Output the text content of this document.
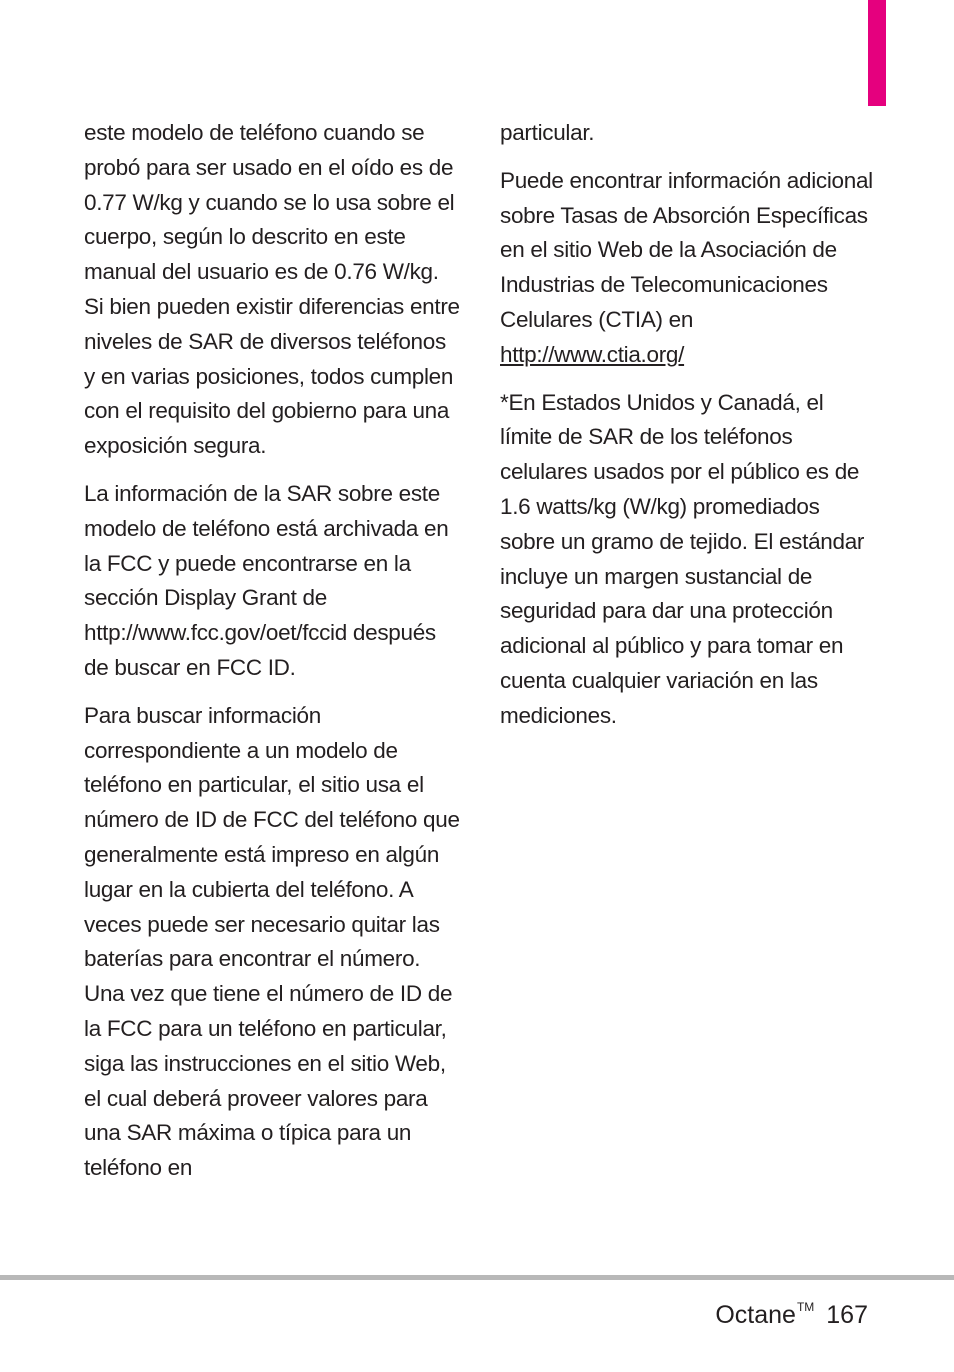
este modelo de teléfono cuando se probó para ser usado en el oído es de 0.77 W/kg y cuando se lo usa sobre el cuerpo, según lo descrito en este manual del usuario es de 0.76 W/kg. Si bien pueden existir diferencias entre niveles de SAR de diversos teléfonos y en varias posiciones, todos cumplen con el requisito del gobierno para una exposición segura.

La información de la SAR sobre este modelo de teléfono está archivada en la FCC y puede encontrarse en la sección Display Grant de http://www.fcc.gov/oet/fccid después de buscar en FCC ID.

Para buscar información correspondiente a un modelo de teléfono en particular, el sitio usa el número de ID de FCC del teléfono que generalmente está impreso en algún lugar en la cubierta del teléfono. A veces puede ser necesario quitar las baterías para encontrar el número. Una vez que tiene el número de ID de la FCC para un teléfono en particular, siga las instrucciones en el sitio Web, el cual deberá proveer valores para una SAR máxima o típica para un teléfono en

particular.

Puede encontrar información adicional sobre Tasas de Absorción Específicas en el sitio Web de la Asociación de Industrias de Telecomunicaciones Celulares (CTIA) en http://www.ctia.org/

*En Estados Unidos y Canadá, el límite de SAR de los teléfonos celulares usados por el público es de 1.6 watts/kg (W/kg) promediados sobre un gramo de tejido. El estándar incluye un margen sustancial de seguridad para dar una protección adicional al público y para tomar en cuenta cualquier variación en las mediciones.

Octane™ 167
